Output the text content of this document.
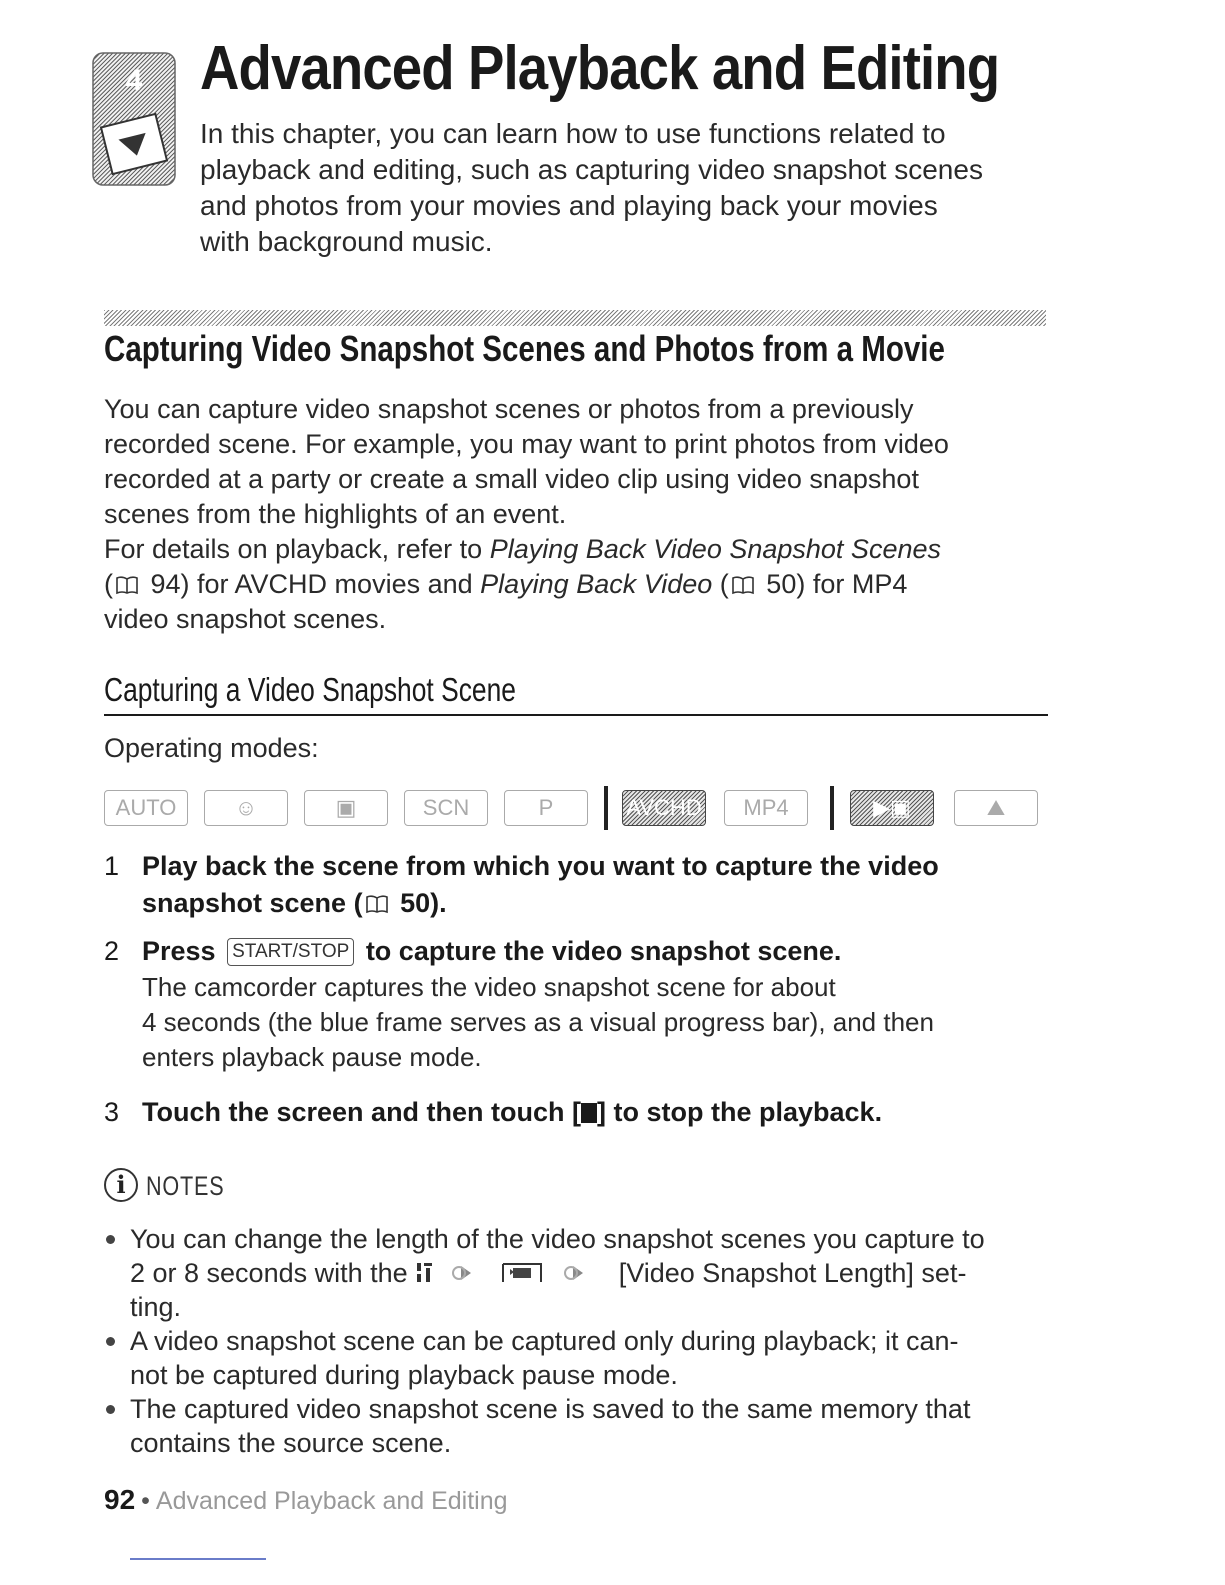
4 Advanced Playback and Editing
In this chapter, you can learn how to use functions related to
playback and editing, such as capturing video snapshot scenes
and photos from your movies and playing back your movies
with background music.
Capturing Video Snapshot Scenes and Photos from a Movie
You can capture video snapshot scenes or photos from a previously
recorded scene. For example, you may want to print photos from video
recorded at a party or create a small video clip using video snapshot
scenes from the highlights of an event.
For details on playback, refer to Playing Back Video Snapshot Scenes
( 94) for AVCHD movies and Playing Back Video ( 50) for MP4
video snapshot scenes.
Capturing a Video Snapshot Scene
Operating modes:
AUTO	☺	▣	SCN	P	AVCHD	MP4	▶▣	⛰
1 Play back the scene from which you want to capture the video
snapshot scene ( 50).
2 Press START/STOP to capture the video snapshot scene.
The camcorder captures the video snapshot scene for about
4 seconds (the blue frame serves as a visual progress bar), and then
enters playback pause mode.
3 Touch the screen and then touch [ ] to stop the playback.
i NOTES
You can change the length of the video snapshot scenes you capture to
2 or 8 seconds with the	[Video Snapshot Length] set-
ting.
A video snapshot scene can be captured only during playback; it can-
not be captured during playback pause mode.
The captured video snapshot scene is saved to the same memory that
contains the source scene.
92 • Advanced Playback and Editing
